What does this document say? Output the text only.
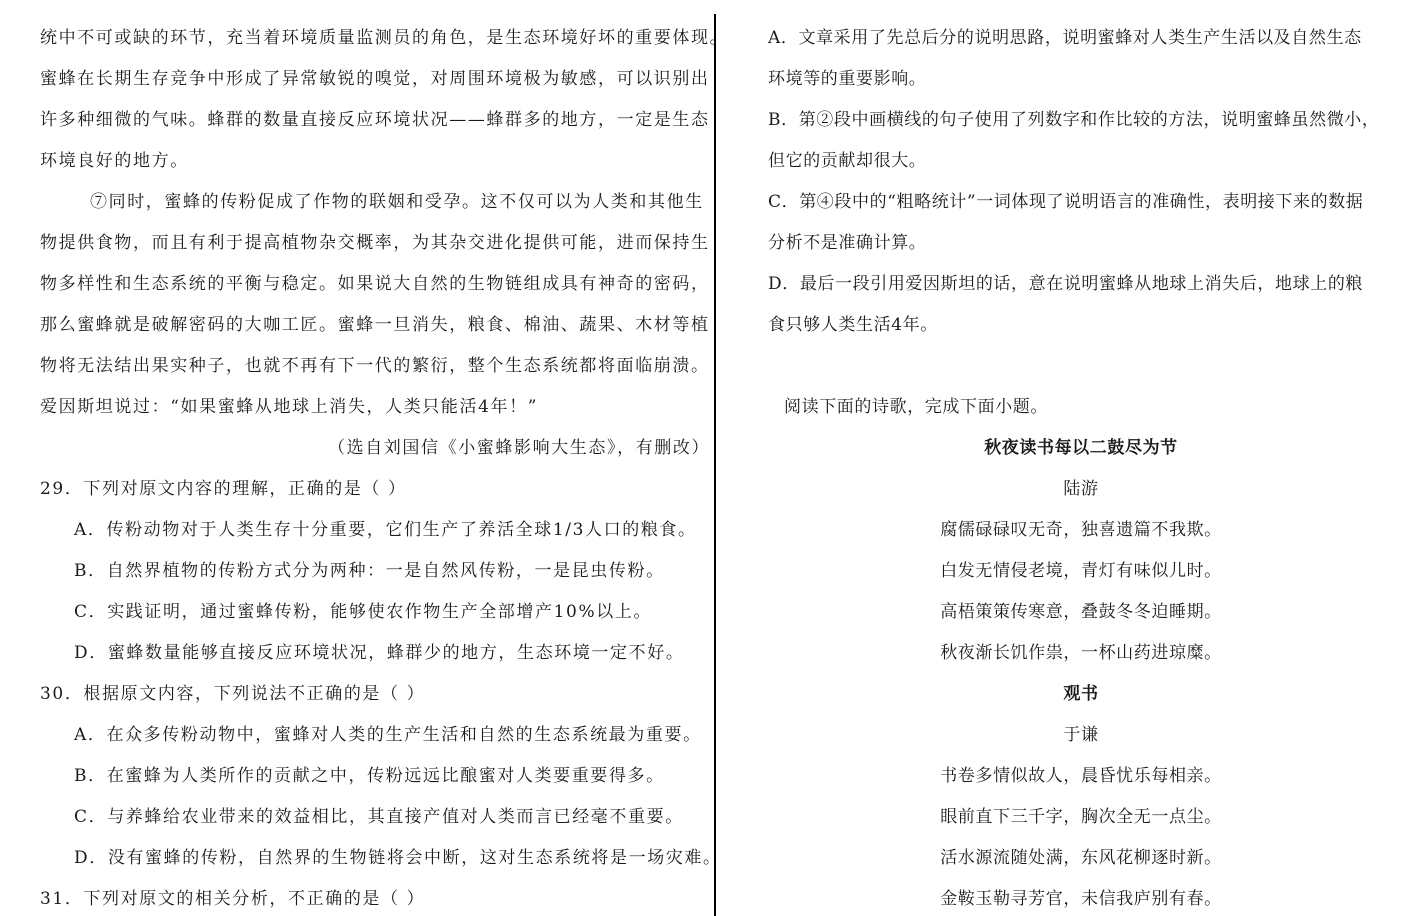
统中不可或缺的环节，充当着环境质量监测员的角色，是生态环境好坏的重要体现。
蜜蜂在长期生存竞争中形成了异常敏锐的嗅觉，对周围环境极为敏感，可以识别出
许多种细微的气味。蜂群的数量直接反应环境状况——蜂群多的地方，一定是生态
环境良好的地方。
⑦同时，蜜蜂的传粉促成了作物的联姻和受孕。这不仅可以为人类和其他生
物提供食物，而且有利于提高植物杂交概率，为其杂交进化提供可能，进而保持生
物多样性和生态系统的平衡与稳定。如果说大自然的生物链组成具有神奇的密码，
那么蜜蜂就是破解密码的大咖工匠。蜜蜂一旦消失，粮食、棉油、蔬果、木材等植
物将无法结出果实种子，也就不再有下一代的繁衍，整个生态系统都将面临崩溃。
爱因斯坦说过：“如果蜜蜂从地球上消失，人类只能活4年！”
（选自刘国信《小蜜蜂影响大生态》，有删改）
29．下列对原文内容的理解，正确的是（ ）
A．传粉动物对于人类生存十分重要，它们生产了养活全球1/3人口的粮食。
B．自然界植物的传粉方式分为两种：一是自然风传粉，一是昆虫传粉。
C．实践证明，通过蜜蜂传粉，能够使农作物生产全部增产10%以上。
D．蜜蜂数量能够直接反应环境状况，蜂群少的地方，生态环境一定不好。
30．根据原文内容，下列说法不正确的是（ ）
A．在众多传粉动物中，蜜蜂对人类的生产生活和自然的生态系统最为重要。
B．在蜜蜂为人类所作的贡献之中，传粉远远比酿蜜对人类要重要得多。
C．与养蜂给农业带来的效益相比，其直接产值对人类而言已经毫不重要。
D．没有蜜蜂的传粉，自然界的生物链将会中断，这对生态系统将是一场灾难。
31．下列对原文的相关分析，不正确的是（ ）
A．文章采用了先总后分的说明思路，说明蜜蜂对人类生产生活以及自然生态
环境等的重要影响。
B．第②段中画横线的句子使用了列数字和作比较的方法，说明蜜蜂虽然微小，
但它的贡献却很大。
C．第④段中的“粗略统计”一词体现了说明语言的准确性，表明接下来的数据
分析不是准确计算。
D．最后一段引用爱因斯坦的话，意在说明蜜蜂从地球上消失后，地球上的粮
食只够人类生活4年。
阅读下面的诗歌，完成下面小题。
秋夜读书每以二鼓尽为节
陆游
腐儒碌碌叹无奇，独喜遗篇不我欺。
白发无情侵老境，青灯有味似儿时。
高梧策策传寒意，叠鼓冬冬迫睡期。
秋夜渐长饥作祟，一杯山药进琼糜。
观书
于谦
书卷多情似故人，晨昏忧乐每相亲。
眼前直下三千字，胸次全无一点尘。
活水源流随处满，东风花柳逐时新。
金鞍玉勒寻芳官，未信我庐别有春。
